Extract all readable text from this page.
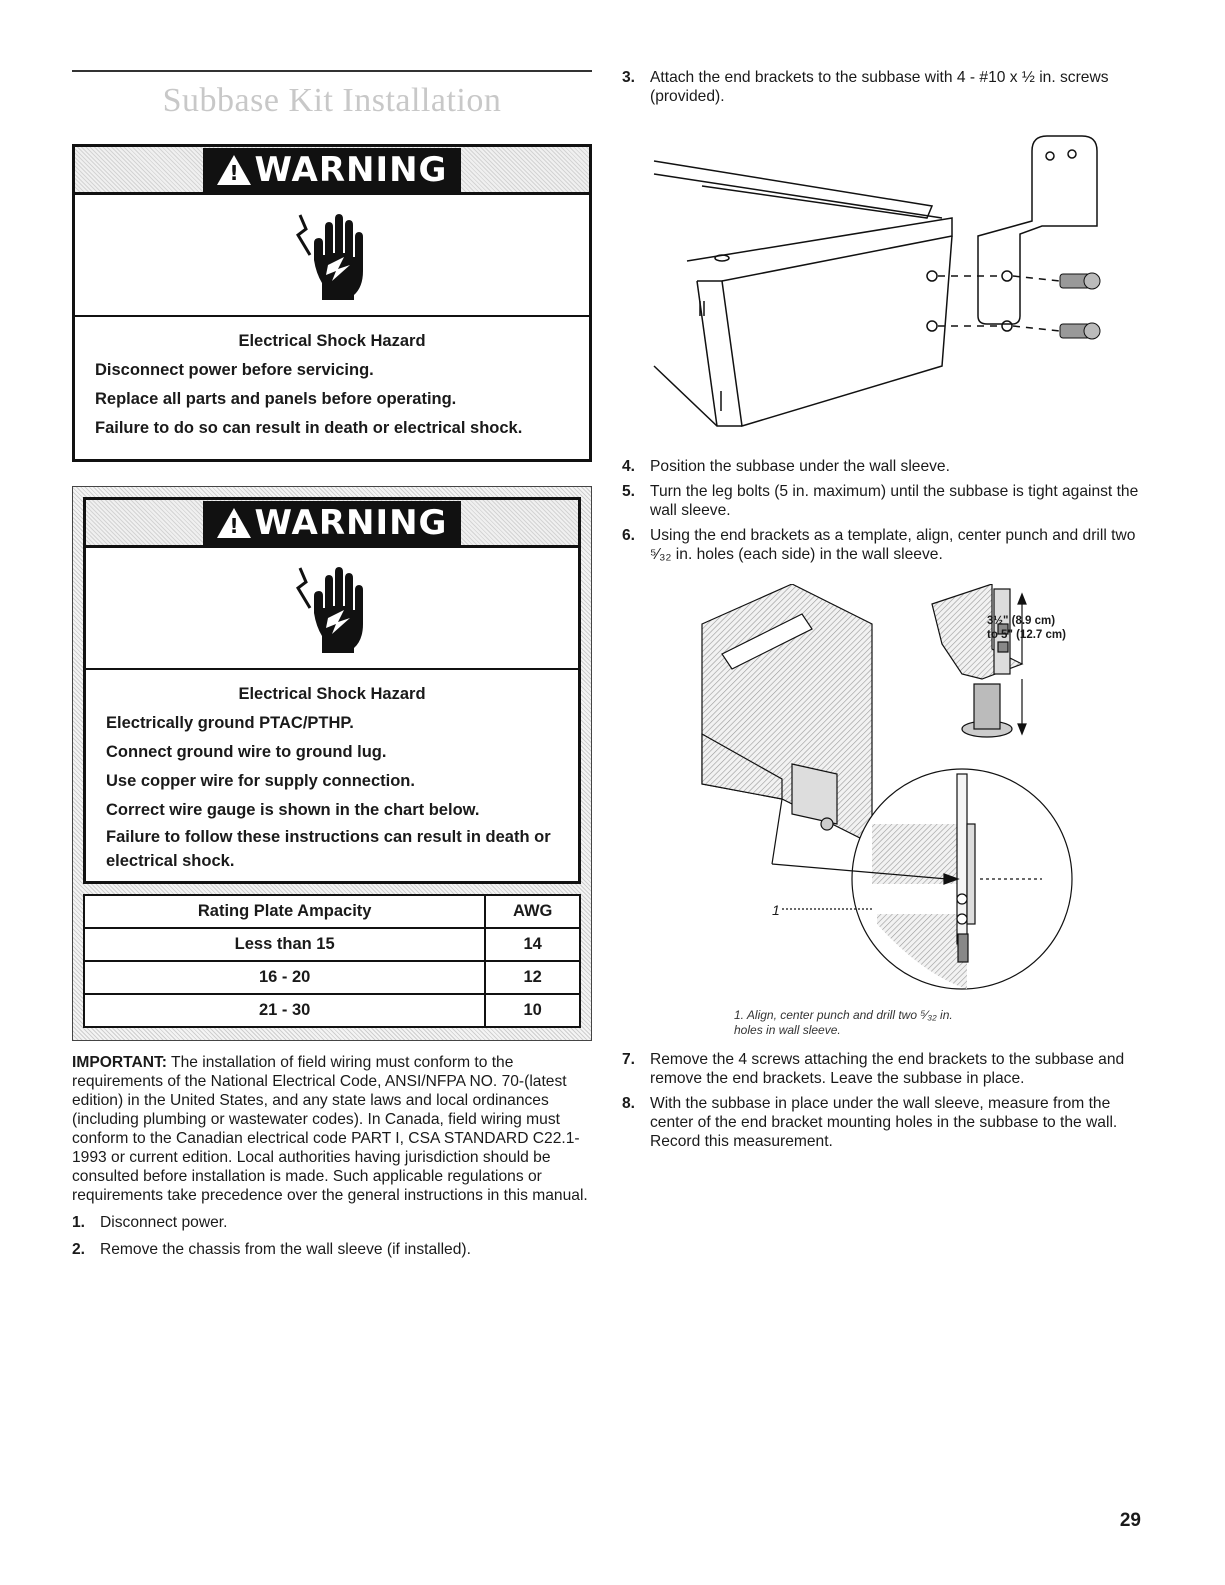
Subbase Kit Installation
!
WARNING
Electrical Shock Hazard
Disconnect power before servicing.
Replace all parts and panels before operating.
Failure to do so can result in death or electrical shock.
!
WARNING
Electrical Shock Hazard
Electrically ground PTAC/PTHP.
Connect ground wire to ground lug.
Use copper wire for supply connection.
Correct wire gauge is shown in the chart below.
Failure to follow these instructions can result in death or electrical shock.
Rating Plate Ampacity	AWG
Less than 15	14
16 - 20	12
21 - 30	10

IMPORTANT: The installation of field wiring must conform to the requirements of the National Electrical Code, ANSI/NFPA NO. 70-(latest edition) in the United States, and any state laws and local ordinances (including plumbing or wastewater codes). In Canada, field wiring must conform to the Canadian electrical code PART I, CSA STANDARD C22.1-1993 or current edition. Local authorities having jurisdiction should be consulted before installation is made. Such applicable regulations or requirements take precedence over the general instructions in this manual.

1. Disconnect power.
2. Remove the chassis from the wall sleeve (if installed).
3. Attach the end brackets to the subbase with 4 - #10 x ½ in. screws (provided).
4. Position the subbase under the wall sleeve.
5. Turn the leg bolts (5 in. maximum) until the subbase is tight against the wall sleeve.
6. Using the end brackets as a template, align, center punch and drill two ⁵⁄₃₂ in. holes (each side) in the wall sleeve.
3½" (8.9 cm)
to 5" (12.7 cm)
1

1. Align, center punch and drill two ⁵⁄₃₂ in. holes in wall sleeve.

7. Remove the 4 screws attaching the end brackets to the subbase and remove the end brackets. Leave the subbase in place.
8. With the subbase in place under the wall sleeve, measure from the center of the end bracket mounting holes in the subbase to the wall. Record this measurement.
29
